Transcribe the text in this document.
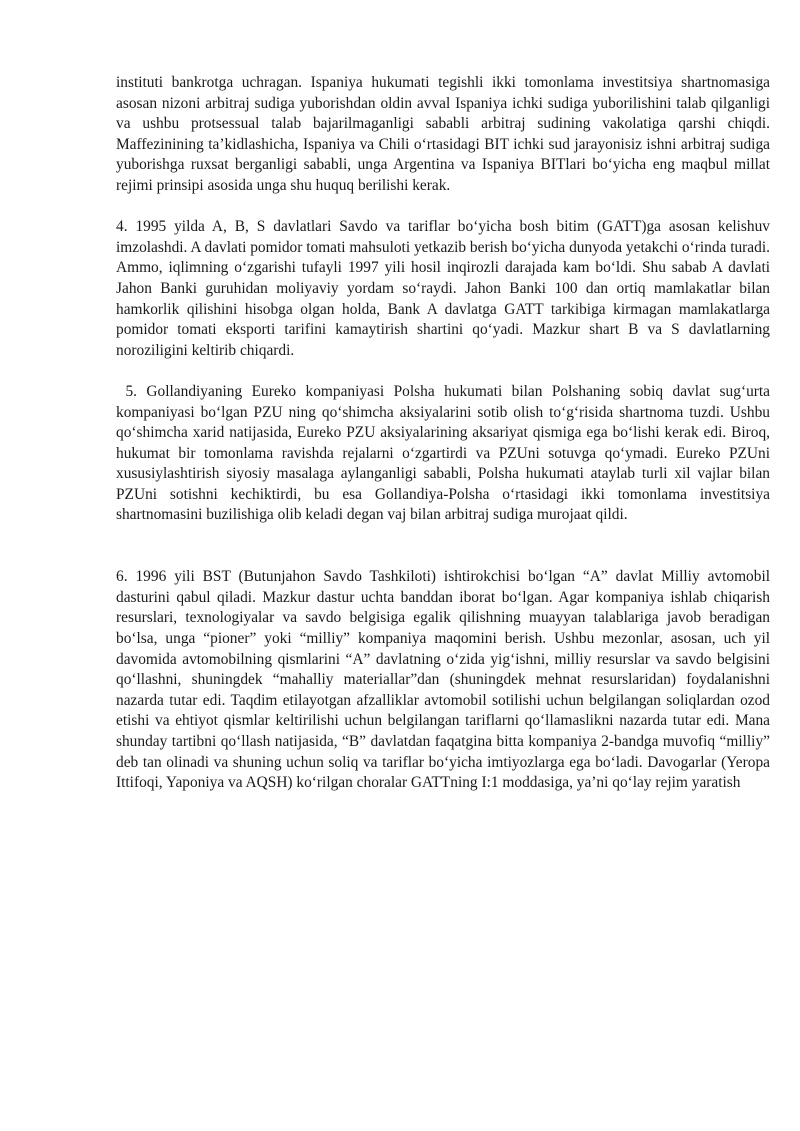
instituti bankrotga uchragan. Ispaniya hukumati tegishli ikki tomonlama investitsiya shartnomasiga asosan nizoni arbitraj sudiga yuborishdan oldin avval Ispaniya ichki sudiga yuborilishini talab qilganligi va ushbu protsessual talab bajarilmaganligi sababli arbitraj sudining vakolatiga qarshi chiqdi. Maffezinining ta’kidlashicha, Ispaniya va Chili o‘rtasidagi BIT ichki sud jarayonisiz ishni arbitraj sudiga yuborishga ruxsat berganligi sababli, unga Argentina va Ispaniya BITlari bo‘yicha eng maqbul millat rejimi prinsipi asosida unga shu huquq berilishi kerak.

4. 1995 yilda A, B, S davlatlari Savdo va tariflar bo‘yicha bosh bitim (GATT)ga asosan kelishuv imzolashdi. A davlati pomidor tomati mahsuloti yetkazib berish bo‘yicha dunyoda yetakchi o‘rinda turadi.

Ammo, iqlimning o‘zgarishi tufayli 1997 yili hosil inqirozli darajada kam bo‘ldi. Shu sabab A davlati Jahon Banki guruhidan moliyaviy yordam so‘raydi. Jahon Banki 100 dan ortiq mamlakatlar bilan hamkorlik qilishini hisobga olgan holda, Bank A davlatga GATT tarkibiga kirmagan mamlakatlarga pomidor tomati eksporti tarifini kamaytirish shartini qo‘yadi. Mazkur shart B va S davlatlarning noroziligini keltirib chiqardi.

5. Gollandiyaning Eureko kompaniyasi Polsha hukumati bilan Polshaning sobiq davlat sug‘urta kompaniyasi bo‘lgan PZU ning qo‘shimcha aksiyalarini sotib olish to‘g‘risida shartnoma tuzdi. Ushbu qo‘shimcha xarid natijasida, Eureko PZU aksiyalarining aksariyat qismiga ega bo‘lishi kerak edi. Biroq, hukumat bir tomonlama ravishda rejalarni o‘zgartirdi va PZUni sotuvga qo‘ymadi. Eureko PZUni xususiylashtirish siyosiy masalaga aylanganligi sababli, Polsha hukumati ataylab turli xil vajlar bilan PZUni sotishni kechiktirdi, bu esa Gollandiya-Polsha o‘rtasidagi ikki tomonlama investitsiya shartnomasini buzilishiga olib keladi degan vaj bilan arbitraj sudiga murojaat qildi.

6. 1996 yili BST (Butunjahon Savdo Tashkiloti) ishtirokchisi bo‘lgan “A” davlat Milliy avtomobil dasturini qabul qiladi. Mazkur dastur uchta banddan iborat bo‘lgan. Agar kompaniya ishlab chiqarish resurslari, texnologiyalar va savdo belgisiga egalik qilishning muayyan talablariga javob beradigan bo‘lsa, unga “pioner” yoki “milliy” kompaniya maqomini berish. Ushbu mezonlar, asosan, uch yil davomida avtomobilning qismlarini “A” davlatning o‘zida yig‘ishni, milliy resurslar va savdo belgisini qo‘llashni, shuningdek “mahalliy materiallar”dan (shuningdek mehnat resurslaridan) foydalanishni nazarda tutar edi. Taqdim etilayotgan afzalliklar avtomobil sotilishi uchun belgilangan soliqlardan ozod etishi va ehtiyot qismlar keltirilishi uchun belgilangan tariflarni qo‘llamaslikni nazarda tutar edi. Mana shunday tartibni qo‘llash natijasida, “B” davlatdan faqatgina bitta kompaniya 2-bandga muvofiq “milliy” deb tan olinadi va shuning uchun soliq va tariflar bo‘yicha imtiyozlarga ega bo‘ladi. Davogarlar (Yeropa Ittifoqi, Yaponiya va AQSH) ko‘rilgan choralar GATTning I:1 moddasiga, ya’ni qo‘lay rejim yaratish
